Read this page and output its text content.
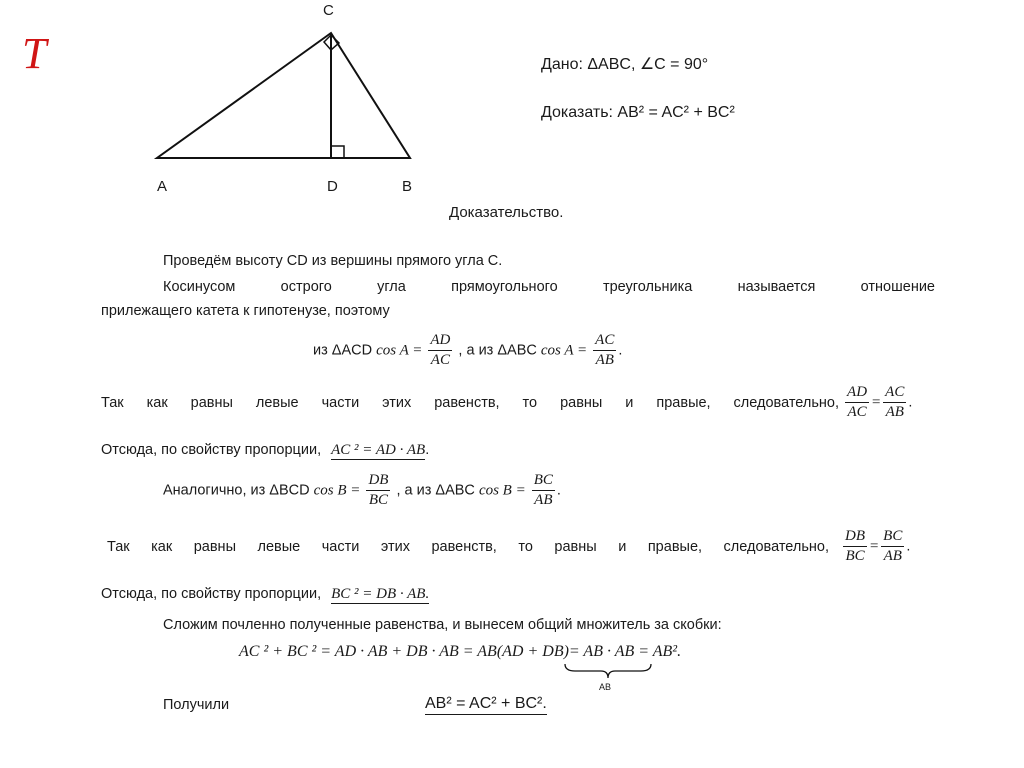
Т
C
A	D	B
Дано: ΔABC, ∠C = 90°
Доказать: AB² = AC² + BC²
Доказательство.
Проведём высоту CD из вершины прямого угла C.
Косинусом острого угла прямоугольного треугольника называется отношение
прилежащего катета к гипотенузе, поэтому
из ΔACD $\cos A = \frac{AD}{AC}$ , а из ΔABC $\cos A = \frac{AC}{AB}$ .
Так как равны левые части этих равенств, то равны и правые, следовательно, $\frac{AD}{AC} = \frac{AC}{AB}$ .
Отсюда, по свойству пропорции, AC ² = AD · AB.
Аналогично, из ΔBCD $\cos B = \frac{DB}{BC}$ , а из ΔABC $\cos B = \frac{BC}{AB}$ .
Так как равны левые части этих равенств, то равны и правые, следовательно, $\frac{DB}{BC} = \frac{BC}{AB}$ .
Отсюда, по свойству пропорции, BC ² = DB · AB.
Сложим почленно полученные равенства, и вынесем общий множитель за скобки:
AC ² + BC ² = AD · AB + DB · AB = AB(AD + DB)= AB · AB = AB².
AB
Получили	AB² = AC² + BC².
